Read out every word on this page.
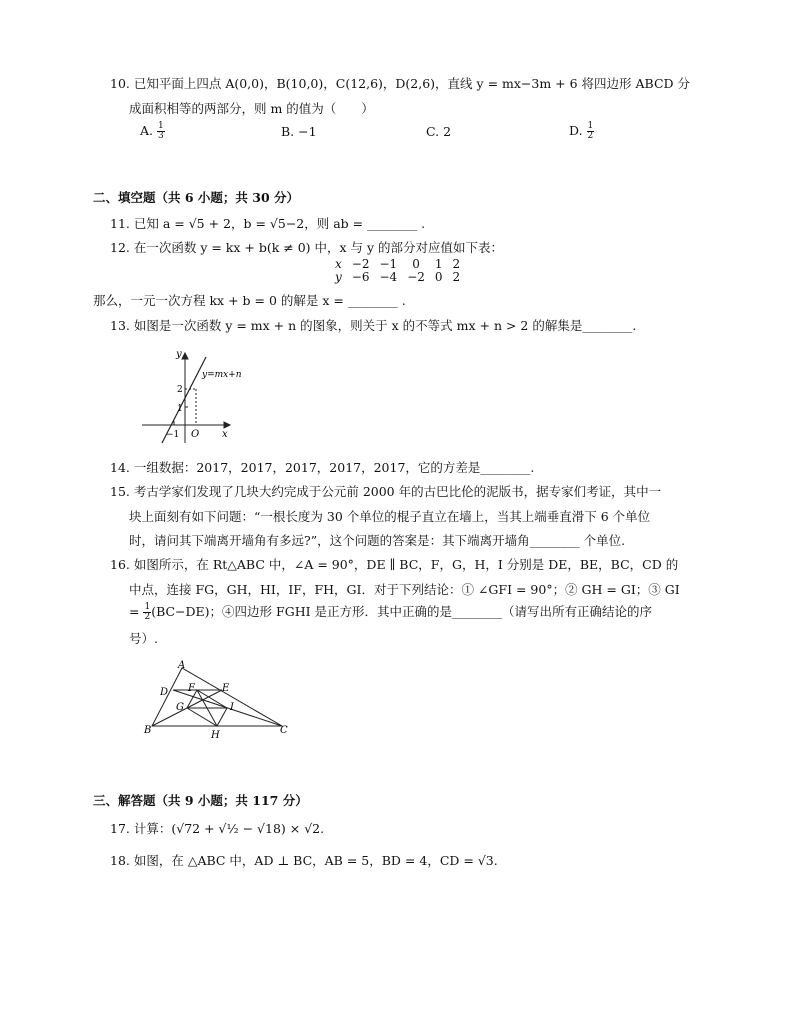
10. 已知平面上四点 A(0,0)，B(10,0)，C(12,6)，D(2,6)，直线 y = mx−3m + 6 将四边形 ABCD 分
成面积相等的两部分，则 m 的值为（　　）
A. $\frac{1}{3}$	B. −1	C. 2	D. $\frac{1}{2}$
二、填空题（共 6 小题；共 30 分）
11. 已知 a = √5 + 2，b = √5−2，则 ab = ________ .
12. 在一次函数 y = kx + b(k ≠ 0) 中，x 与 y 的部分对应值如下表：
x	−2	−1	0	1	2
y	−6	−4	−2	0	2
那么，一元一次方程 kx + b = 0 的解是 x = ________ .
13. 如图是一次函数 y = mx + n 的图象，则关于 x 的不等式 mx + n > 2 的解集是________.
y
x
O
y=mx+n
−1
1
2
14. 一组数据：2017，2017，2017，2017，2017，它的方差是________.
15. 考古学家们发现了几块大约完成于公元前 2000 年的古巴比伦的泥版书，据专家们考证，其中一
块上面刻有如下问题：“一根长度为 30 个单位的棍子直立在墙上，当其上端垂直滑下 6 个单位
时，请问其下端离开墙角有多远?”，这个问题的答案是：其下端离开墙角________ 个单位.
16. 如图所示，在 Rt△ABC 中，∠A = 90°，DE ∥ BC，F，G，H，I 分别是 DE，BE，BC，CD 的
中点，连接 FG，GH，HI，IF，FH，GI．对于下列结论：① ∠GFI = 90°；② GH = GI；③ GI
= $\frac{1}{2} (BC-DE)$；④四边形 FGHI 是正方形．其中正确的是________（请写出所有正确结论的序
号）.
A
D	E
F
G	I
B	H	C
三、解答题（共 9 小题；共 117 分）
17. 计算：(√72 + √½ − √18) × √2.
18. 如图，在 △ABC 中，AD ⊥ BC，AB = 5，BD = 4，CD = √3.
